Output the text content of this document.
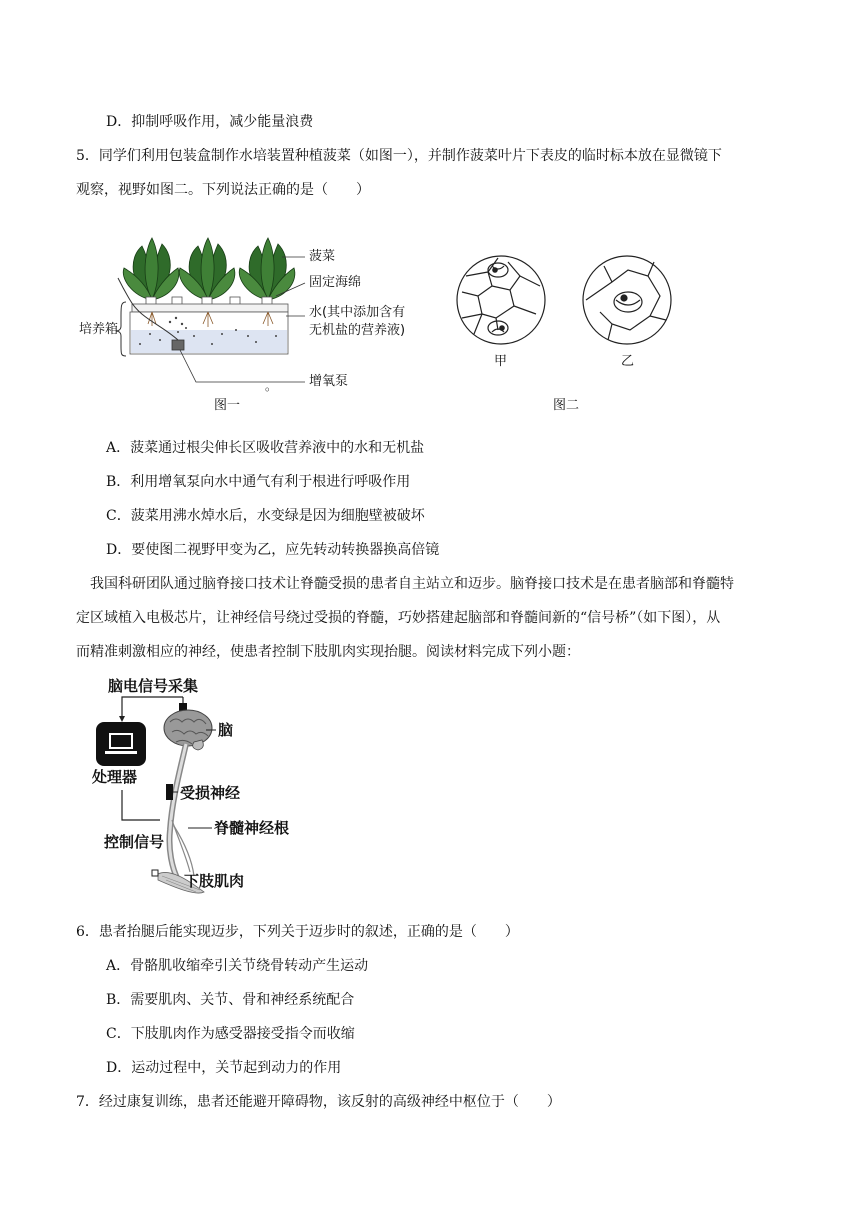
D．抑制呼吸作用，减少能量浪费
5．同学们利用包装盒制作水培装置种植菠菜（如图一），并制作菠菜叶片下表皮的临时标本放在显微镜下
观察，视野如图二。下列说法正确的是（　　）
菠菜
固定海绵
水(其中添加含有
无机盐的营养液)
培养箱
增氧泵
。
图一
甲	乙
图二
A．菠菜通过根尖伸长区吸收营养液中的水和无机盐
B．利用增氧泵向水中通气有利于根进行呼吸作用
C．菠菜用沸水焯水后，水变绿是因为细胞壁被破坏
D．要使图二视野甲变为乙，应先转动转换器换高倍镜
我国科研团队通过脑脊接口技术让脊髓受损的患者自主站立和迈步。脑脊接口技术是在患者脑部和脊髓特
定区域植入电极芯片，让神经信号绕过受损的脊髓，巧妙搭建起脑部和脊髓间新的“信号桥”（如下图），从
而精准刺激相应的神经，使患者控制下肢肌肉实现抬腿。阅读材料完成下列小题：
脑电信号采集
脑
处理器
受损神经
脊髓神经根
控制信号
下肢肌肉
6．患者抬腿后能实现迈步，下列关于迈步时的叙述，正确的是（　　）
A．骨骼肌收缩牵引关节绕骨转动产生运动
B．需要肌肉、关节、骨和神经系统配合
C．下肢肌肉作为感受器接受指令而收缩
D．运动过程中，关节起到动力的作用
7．经过康复训练，患者还能避开障碍物，该反射的高级神经中枢位于（　　）
